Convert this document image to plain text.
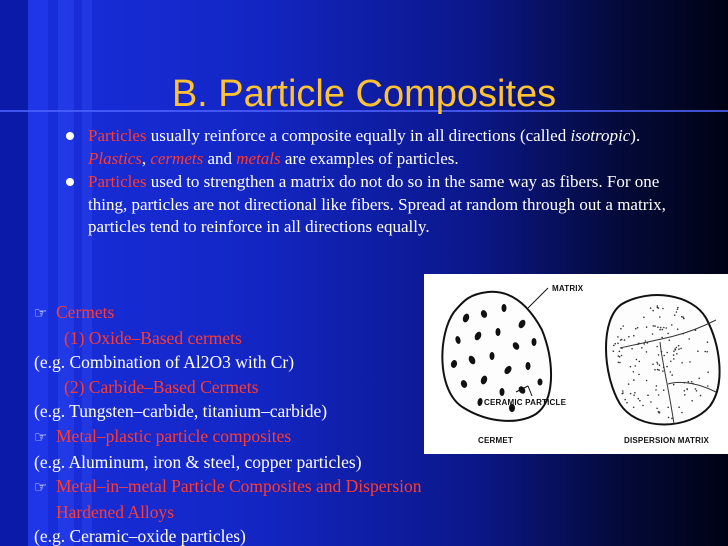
B. Particle Composites
Particles usually reinforce a composite equally in all directions (called isotropic). Plastics, cermets and metals are examples of particles.
Particles used to strengthen a matrix do not do so in the same way as fibers. For one thing, particles are not directional like fibers. Spread at random through out a matrix, particles tend to reinforce in all directions equally.
☞ Cermets
(1) Oxide–Based cermets
(e.g. Combination of Al2O3 with Cr)
(2) Carbide–Based Cermets
(e.g. Tungsten–carbide, titanium–carbide)
☞ Metal–plastic particle composites
(e.g. Aluminum, iron & steel, copper particles)
☞ Metal–in–metal Particle Composites and Dispersion
Hardened Alloys
(e.g. Ceramic–oxide particles)
MATRIX
CERAMIC PARTICLE
CERMET	DISPERSION MATRIX
